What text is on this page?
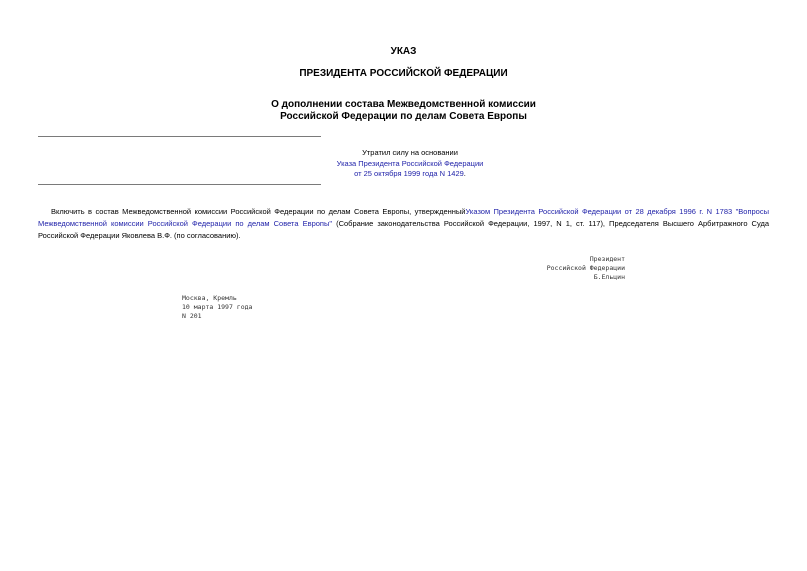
УКАЗ
ПРЕЗИДЕНТА РОССИЙСКОЙ ФЕДЕРАЦИИ
О дополнении состава Межведомственной комиссии
Российской Федерации по делам Совета Европы
Утратил силу на основании
Указа Президента Российской Федерации
от 25 октября 1999 года N 1429.

Включить в состав Межведомственной комиссии Российской Федерации по делам Совета Европы, утвержденныйУказом Президента Российской Федерации от 28 декабря 1996 г. N 1783 "Вопросы Межведомственной комиссии Российской Федерации по делам Совета Европы" (Собрание законодательства Российской Федерации, 1997, N 1, ст. 117), Председателя Высшего Арбитражного Суда Российской Федерации Яковлева В.Ф. (по согласованию).

Президент
Российской Федерации
Б.Ельцин
Москва, Кремль
10 марта 1997 года
N 201
